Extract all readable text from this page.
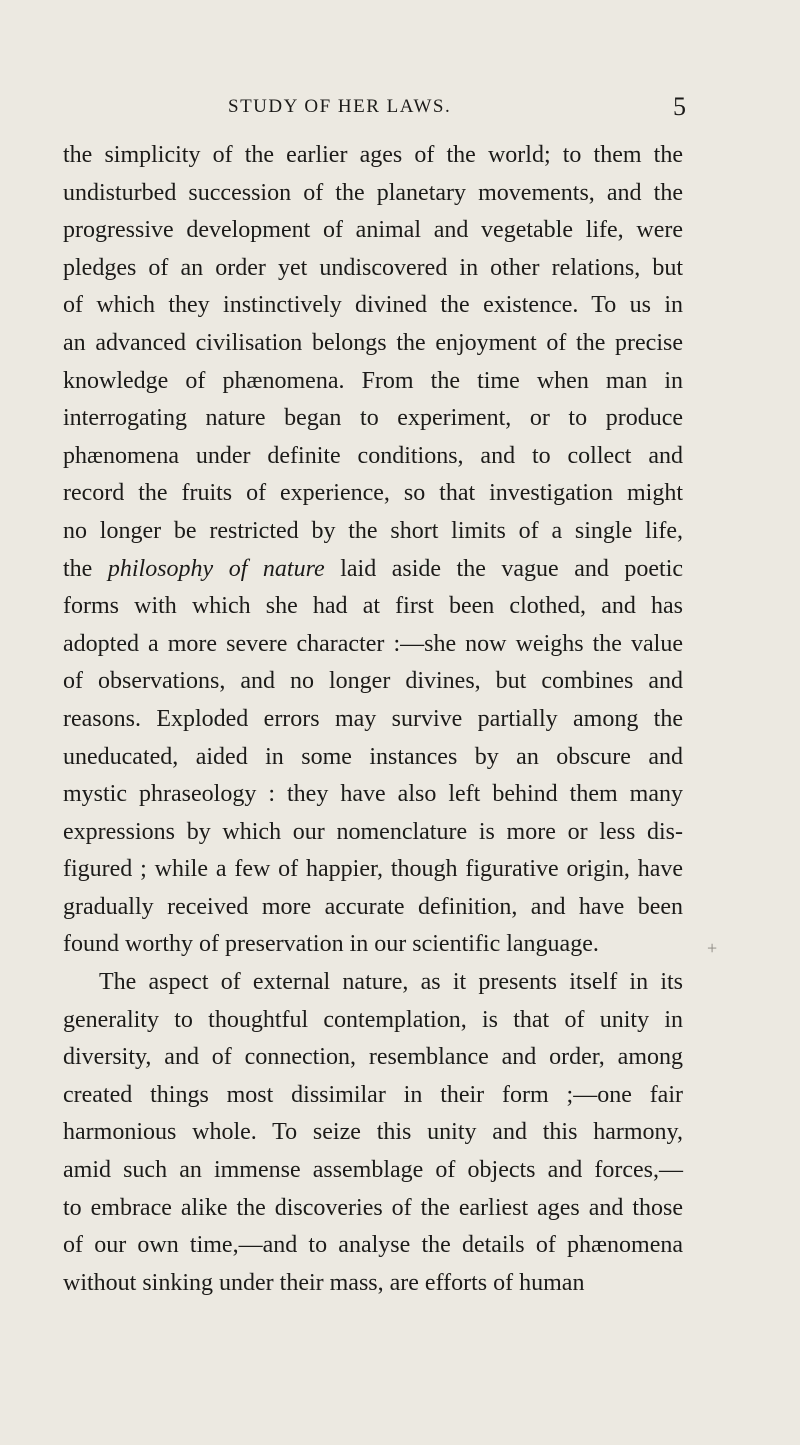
STUDY OF HER LAWS.	5
the simplicity of the earlier ages of the world; to them the
undisturbed succession of the planetary movements, and the
progressive development of animal and vegetable life, were
pledges of an order yet undiscovered in other relations, but
of which they instinctively divined the existence. To us in
an advanced civilisation belongs the enjoyment of the precise
knowledge of phænomena. From the time when man in
interrogating nature began to experiment, or to produce
phænomena under definite conditions, and to collect and
record the fruits of experience, so that investigation might
no longer be restricted by the short limits of a single life,
the philosophy of nature laid aside the vague and poetic
forms with which she had at first been clothed, and has
adopted a more severe character :—she now weighs the value
of observations, and no longer divines, but combines and
reasons. Exploded errors may survive partially among the
uneducated, aided in some instances by an obscure and
mystic phraseology : they have also left behind them many
expressions by which our nomenclature is more or less dis-
figured ; while a few of happier, though figurative origin, have
gradually received more accurate definition, and have been
found worthy of preservation in our scientific language.
The aspect of external nature, as it presents itself in its
generality to thoughtful contemplation, is that of unity in
diversity, and of connection, resemblance and order, among
created things most dissimilar in their form ;—one fair
harmonious whole. To seize this unity and this harmony,
amid such an immense assemblage of objects and forces,—
to embrace alike the discoveries of the earliest ages and those
of our own time,—and to analyse the details of phænomena
without sinking under their mass, are efforts of human
+
